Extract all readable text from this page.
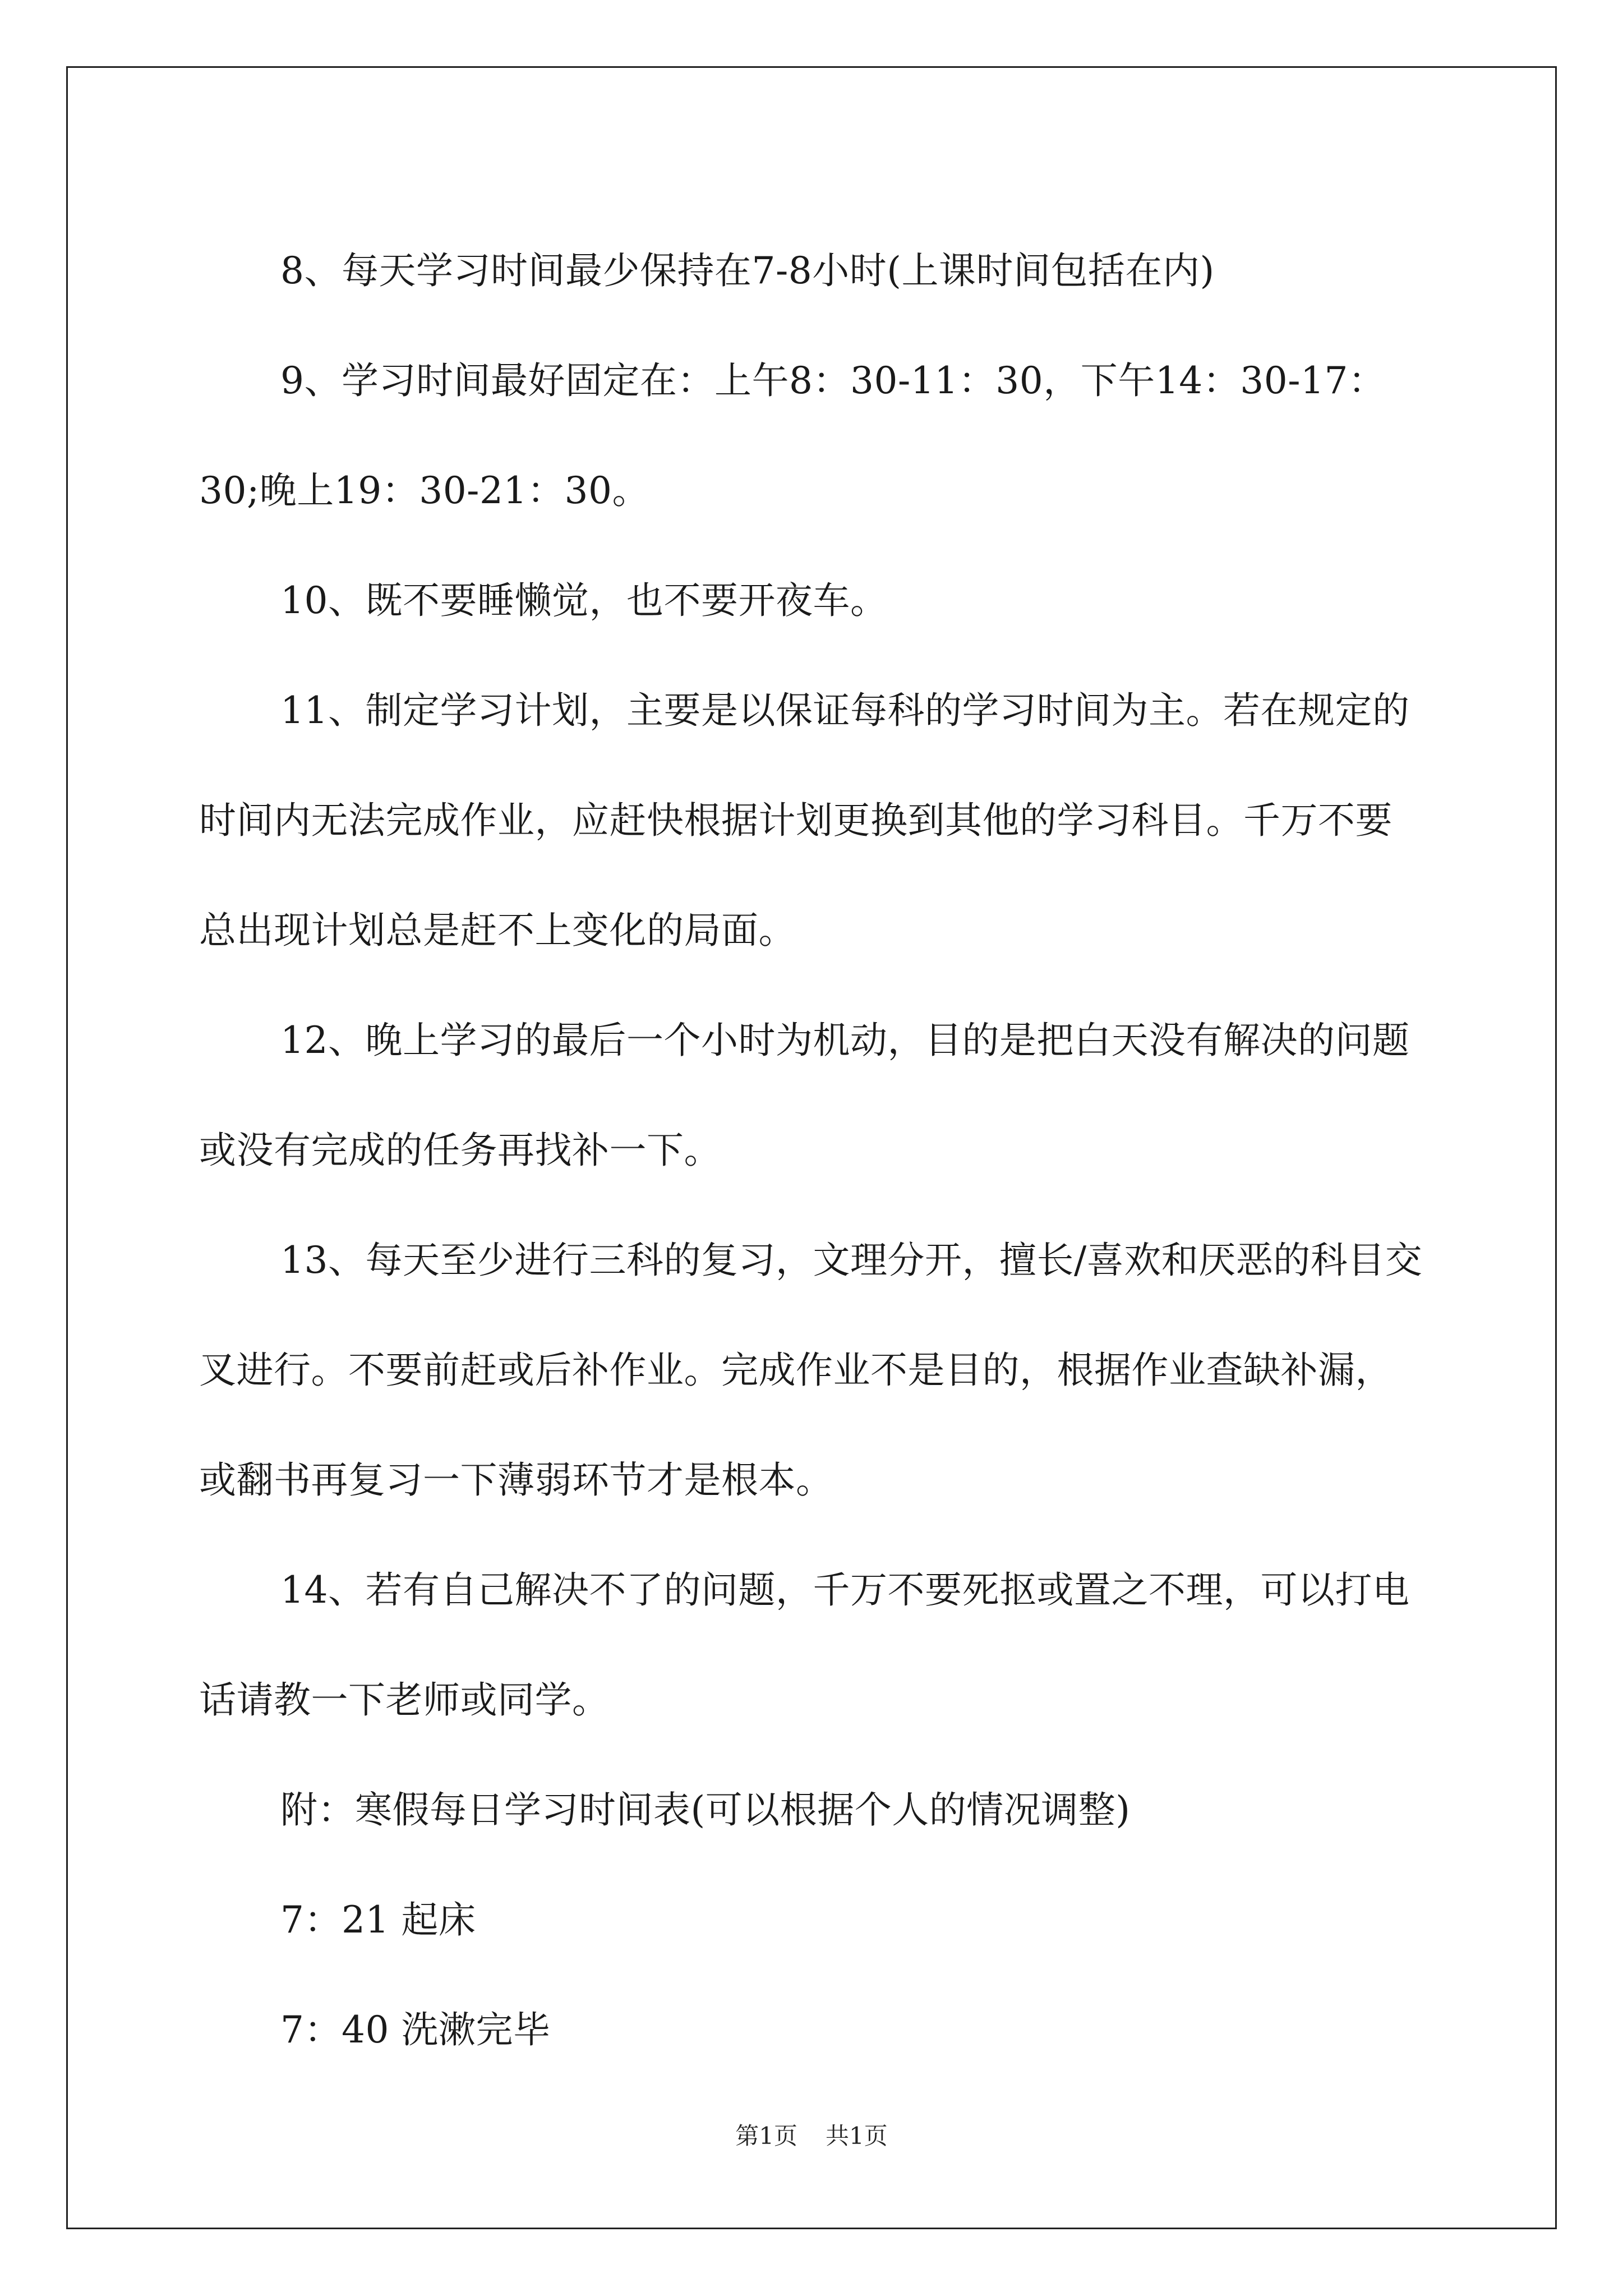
8、每天学习时间最少保持在7-8小时(上课时间包括在内)

9、学习时间最好固定在：上午8：30-11：30，下午14：30-17：30;晚上19：30-21：30。

10、既不要睡懒觉，也不要开夜车。

11、制定学习计划，主要是以保证每科的学习时间为主。若在规定的时间内无法完成作业，应赶快根据计划更换到其他的学习科目。千万不要总出现计划总是赶不上变化的局面。

12、晚上学习的最后一个小时为机动，目的是把白天没有解决的问题或没有完成的任务再找补一下。

13、每天至少进行三科的复习，文理分开，擅长/喜欢和厌恶的科目交叉进行。不要前赶或后补作业。完成作业不是目的，根据作业查缺补漏，或翻书再复习一下薄弱环节才是根本。

14、若有自己解决不了的问题，千万不要死抠或置之不理，可以打电话请教一下老师或同学。

附：寒假每日学习时间表(可以根据个人的情况调整)

7：21 起床

7：40 洗漱完毕

第1页 共1页
